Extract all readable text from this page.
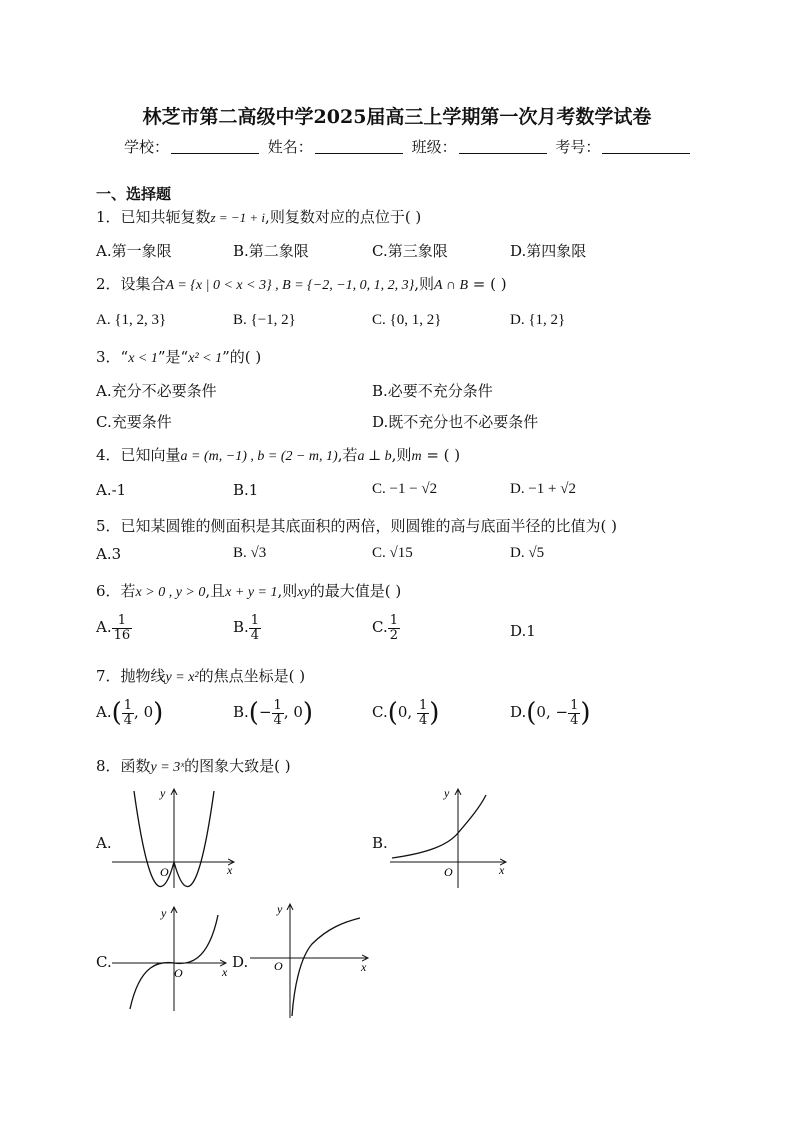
林芝市第二高级中学2025届高三上学期第一次月考数学试卷
学校：	姓名：	班级：	考号：
一、选择题
1．已知共轭复数z = −1 + i,则复数对应的点位于( )
A.第一象限	B.第二象限	C.第三象限	D.第四象限
2．设集合A = {x | 0 < x < 3} , B = {−2, −1, 0, 1, 2, 3},则A ∩ B = ( )
A. {1, 2, 3}	B. {−1, 2}	C. {0, 1, 2}	D. {1, 2}
3．“x < 1”是“x² < 1”的( )
A.充分不必要条件	B.必要不充分条件
C.充要条件	D.既不充分也不必要条件
4．已知向量a = (m, −1) , b = (2 − m, 1),若a ⊥ b,则m = ( )
A.-1	B.1	C. −1 − √2	D. −1 + √2
5．已知某圆锥的侧面积是其底面积的两倍，则圆锥的高与底面半径的比值为( )
A.3	B. √3	C. √15	D. √5
6．若x > 0 , y > 0,且x + y = 1,则xy的最大值是( )
A. $\frac{1}{16}$	B. $\frac{1}{4}$	C. $\frac{1}{2}$	D.1
7．抛物线y = x²的焦点坐标是( )
$A.( \frac{1}{4}$ , 0)	$B.(- \frac{1}{4}$ , 0)	C.(0, $\frac{1}{4}$ )	D.(0, − $\frac{1}{4}$ )
8．函数y = 3ˣ的图象大致是( )
A.
O	x
y
B.
O	x
y
C.
O	x
y
D. O	x
y
